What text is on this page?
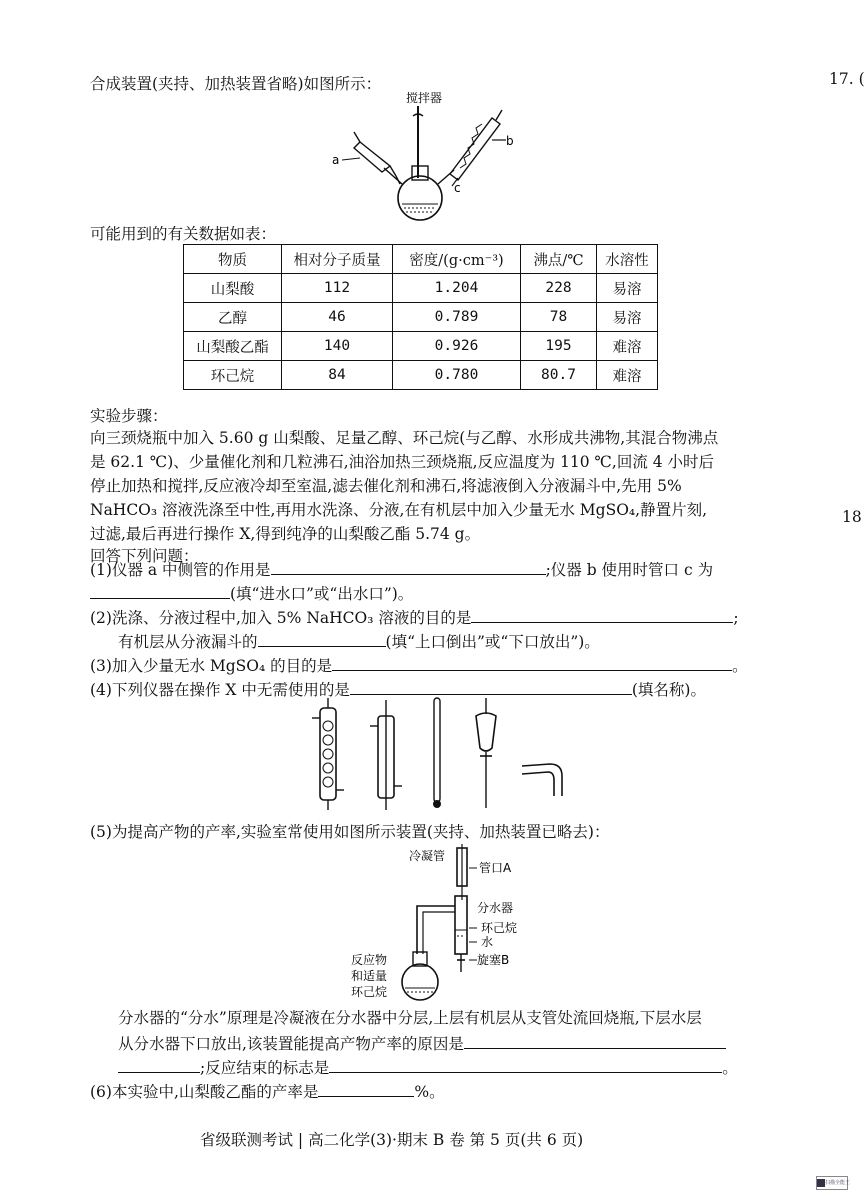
合成装置(夹持、加热装置省略)如图所示：	17. (
搅拌器
a
b
c
可能用到的有关数据如表：
物质	相对分子质量	密度/(g·cm⁻³)	沸点/℃	水溶性
山梨酸	112	1.204	228	易溶
乙醇	46	0.789	78	易溶
山梨酸乙酯	140	0.926	195	难溶
环己烷	84	0.780	80.7	难溶
实验步骤：
向三颈烧瓶中加入 5.60 g 山梨酸、足量乙醇、环己烷(与乙醇、水形成共沸物,其混合物沸点
是 62.1 ℃)、少量催化剂和几粒沸石,油浴加热三颈烧瓶,反应温度为 110 ℃,回流 4 小时后
停止加热和搅拌,反应液冷却至室温,滤去催化剂和沸石,将滤液倒入分液漏斗中,先用 5%
NaHCO₃ 溶液洗涤至中性,再用水洗涤、分液,在有机层中加入少量无水 MgSO₄,静置片刻,
过滤,最后再进行操作 X,得到纯净的山梨酸乙酯 5.74 g。
18
回答下列问题：
(1)仪器 a 中侧管的作用是	;仪器 b 使用时管口 c 为
(填“进水口”或“出水口”)。
(2)洗涤、分液过程中,加入 5% NaHCO₃ 溶液的目的是	;
有机层从分液漏斗的	(填“上口倒出”或“下口放出”)。
(3)加入少量无水 MgSO₄ 的目的是	。
(4)下列仪器在操作 X 中无需使用的是	(填名称)。
(5)为提高产物的产率,实验室常使用如图所示装置(夹持、加热装置已略去)：
冷凝管
管口A
分水器
环己烷
水
旋塞B
反应物
和适量
环己烷
分水器的“分水”原理是冷凝液在分水器中分层,上层有机层从支管处流回烧瓶,下层水层
从分水器下口放出,该装置能提高产物产率的原因是
;反应结束的标志是	。
(6)本实验中,山梨酸乙酯的产率是	%。
省级联测考试 | 高二化学(3)·期末 B 卷 第 5 页(共 6 页)
扫描全能王
